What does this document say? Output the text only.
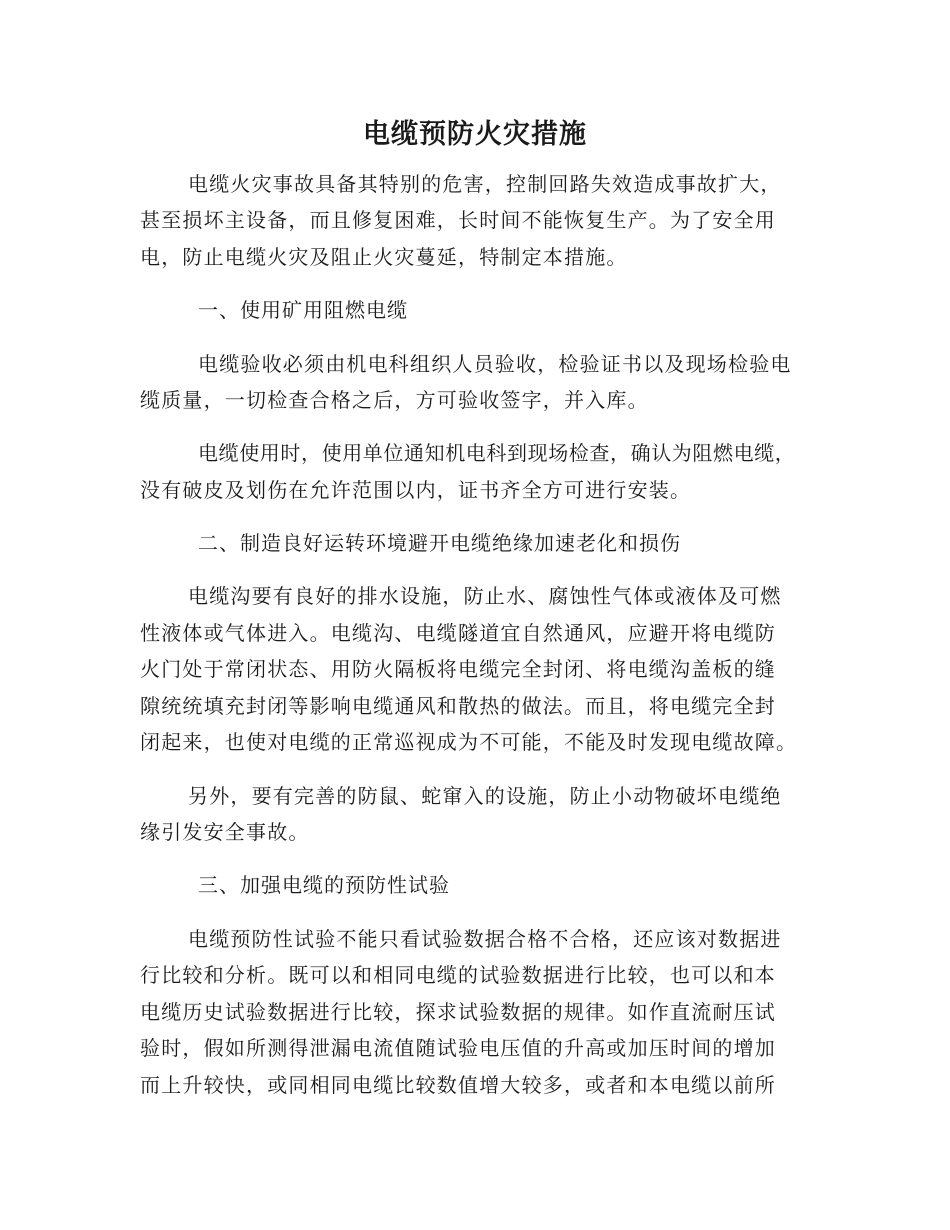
电缆预防火灾措施
电缆火灾事故具备其特别的危害，控制回路失效造成事故扩大，
甚至损坏主设备，而且修复困难，长时间不能恢复生产。为了安全用
电，防止电缆火灾及阻止火灾蔓延，特制定本措施。
一、使用矿用阻燃电缆
电缆验收必须由机电科组织人员验收，检验证书以及现场检验电
缆质量，一切检查合格之后，方可验收签字，并入库。
电缆使用时，使用单位通知机电科到现场检查，确认为阻燃电缆，
没有破皮及划伤在允许范围以内，证书齐全方可进行安装。
二、制造良好运转环境避开电缆绝缘加速老化和损伤
电缆沟要有良好的排水设施，防止水、腐蚀性气体或液体及可燃
性液体或气体进入。电缆沟、电缆隧道宜自然通风，应避开将电缆防
火门处于常闭状态、用防火隔板将电缆完全封闭、将电缆沟盖板的缝
隙统统填充封闭等影响电缆通风和散热的做法。而且，将电缆完全封
闭起来，也使对电缆的正常巡视成为不可能，不能及时发现电缆故障。
另外，要有完善的防鼠、蛇窜入的设施，防止小动物破坏电缆绝
缘引发安全事故。
三、加强电缆的预防性试验
电缆预防性试验不能只看试验数据合格不合格，还应该对数据进
行比较和分析。既可以和相同电缆的试验数据进行比较，也可以和本
电缆历史试验数据进行比较，探求试验数据的规律。如作直流耐压试
验时，假如所测得泄漏电流值随试验电压值的升高或加压时间的增加
而上升较快，或同相同电缆比较数值增大较多，或者和本电缆以前所
